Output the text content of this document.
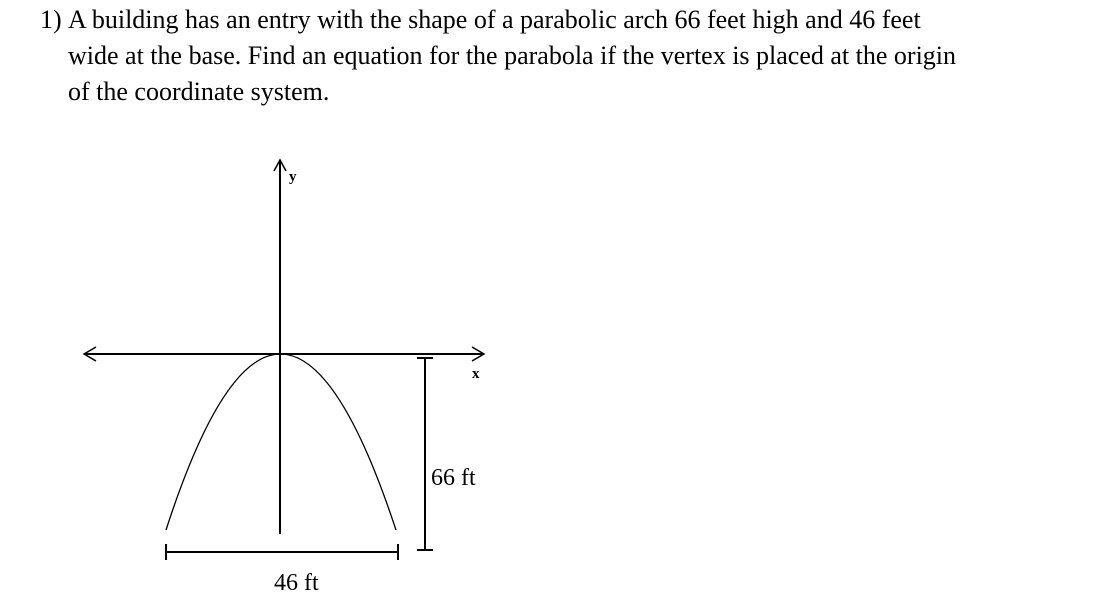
1) A building has an entry with the shape of a parabolic arch 66 feet high and 46 feet
wide at the base. Find an equation for the parabola if the vertex is placed at the origin
of the coordinate system.
y
x
66 ft
46 ft
